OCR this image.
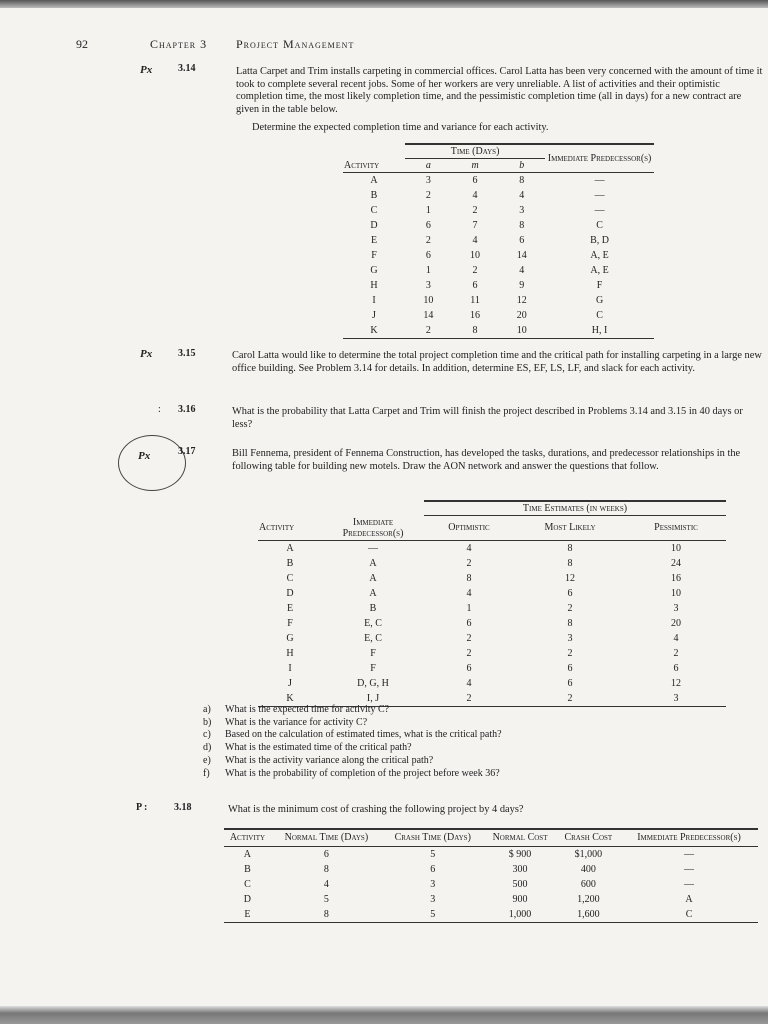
92	Chapter 3 Project Management
Px	3.14	Latta Carpet and Trim installs carpeting in commercial offices. Carol Latta has been very concerned with the amount of time it took to complete several recent jobs. Some of her workers are very unreliable. A list of activities and their optimistic completion time, the most likely completion time, and the pessimistic completion time (all in days) for a new contract are given in the table below.
Determine the expected completion time and variance for each activity.
	Time (Days)			Immediate Predecessor(s)
Activity	a	m	b	
A	3	6	8	—
B	2	4	4	—
C	1	2	3	—
D	6	7	8	C
E	2	4	6	B, D
F	6	10	14	A, E
G	1	2	4	A, E
H	3	6	9	F
I	10	11	12	G
J	14	16	20	C
K	2	8	10	H, I
Px	3.15	Carol Latta would like to determine the total project completion time and the critical path for installing carpeting in a large new office building. See Problem 3.14 for details. In addition, determine ES, EF, LS, LF, and slack for each activity.
: 3.16	What is the probability that Latta Carpet and Trim will finish the project described in Problems 3.14 and 3.15 in 40 days or less?
Px	3.17	Bill Fennema, president of Fennema Construction, has developed the tasks, durations, and predecessor relationships in the following table for building new motels. Draw the AON network and answer the questions that follow.
		Time Estimates (in weeks)		
Activity	Immediate Predecessor(s)	Optimistic	Most Likely	Pessimistic
A	—	4	8	10
B	A	2	8	24
C	A	8	12	16
D	A	4	6	10
E	B	1	2	3
F	E, C	6	8	20
G	E, C	2	3	4
H	F	2	2	2
I	F	6	6	6
J	D, G, H	4	6	12
K	I, J	2	2	3
a) What is the expected time for activity C?
b) What is the variance for activity C?
c) Based on the calculation of estimated times, what is the critical path?
d) What is the estimated time of the critical path?
e) What is the activity variance along the critical path?
f) What is the probability of completion of the project before week 36?
P :	3.18	What is the minimum cost of crashing the following project by 4 days?
Activity	Normal Time (Days)	Crash Time (Days)	Normal Cost	Crash Cost	Immediate Predecessor(s)
A	6	5	$ 900	$1,000	—
B	8	6	300	400	—
C	4	3	500	600	—
D	5	3	900	1,200	A
E	8	5	1,000	1,600	C
